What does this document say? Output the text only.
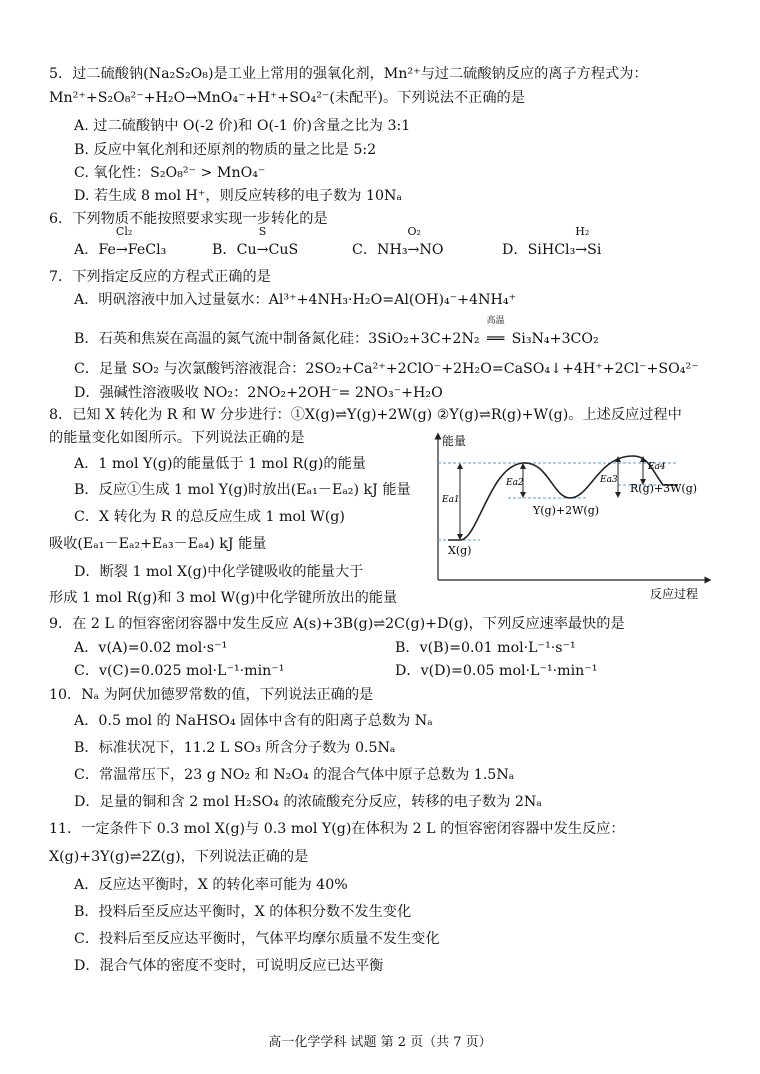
5．过二硫酸钠(Na₂S₂O₈)是工业上常用的强氧化剂，Mn²⁺与过二硫酸钠反应的离子方程式为：
Mn²⁺+S₂O₈²⁻+H₂O→MnO₄⁻+H⁺+SO₄²⁻(未配平)。下列说法不正确的是
A. 过二硫酸钠中 O(-2 价)和 O(-1 价)含量之比为 3:1
B. 反应中氧化剂和还原剂的物质的量之比是 5:2
C. 氧化性：S₂O₈²⁻ > MnO₄⁻
D. 若生成 8 mol H⁺，则反应转移的电子数为 10Nₐ
6．下列物质不能按照要求实现一步转化的是
A．Fe
Cl₂
→FeCl₃	B．Cu
S
→CuS	C．NH₃
O₂
→NO	D．SiHCl₃
H₂
→Si
7．下列指定反应的方程式正确的是
A．明矾溶液中加入过量氨水：Al³⁺+4NH₃·H₂O=Al(OH)₄⁻+4NH₄⁺
B．石英和焦炭在高温的氮气流中制备氮化硅：3SiO₂+3C+2N₂
高温
══ Si₃N₄+3CO₂
C．足量 SO₂ 与次氯酸钙溶液混合：2SO₂+Ca²⁺+2ClO⁻+2H₂O=CaSO₄↓+4H⁺+2Cl⁻+SO₄²⁻
D．强碱性溶液吸收 NO₂：2NO₂+2OH⁻= 2NO₃⁻+H₂O
8．已知 X 转化为 R 和 W 分步进行：①X(g)⇌Y(g)+2W(g) ②Y(g)⇌R(g)+W(g)。上述反应过程中
的能量变化如图所示。下列说法正确的是
A．1 mol Y(g)的能量低于 1 mol R(g)的能量
B．反应①生成 1 mol Y(g)时放出(Eₐ₁－Eₐ₂) kJ 能量
C．X 转化为 R 的总反应生成 1 mol W(g)
吸收(Eₐ₁－Eₐ₂+Eₐ₃－Eₐ₄) kJ 能量
D．断裂 1 mol X(g)中化学键吸收的能量大于
形成 1 mol R(g)和 3 mol W(g)中化学键所放出的能量
能量
反应过程
Ea1
Ea2	Ea3
Ea4
X(g)
Y(g)+2W(g)
R(g)+3W(g)
9．在 2 L 的恒容密闭容器中发生反应 A(s)+3B(g)⇌2C(g)+D(g)，下列反应速率最快的是
A．v(A)=0.02 mol·s⁻¹	B．v(B)=0.01 mol·L⁻¹·s⁻¹
C．v(C)=0.025 mol·L⁻¹·min⁻¹	D．v(D)=0.05 mol·L⁻¹·min⁻¹
10．Nₐ 为阿伏加德罗常数的值，下列说法正确的是
A．0.5 mol 的 NaHSO₄ 固体中含有的阳离子总数为 Nₐ
B．标准状况下，11.2 L SO₃ 所含分子数为 0.5Nₐ
C．常温常压下，23 g NO₂ 和 N₂O₄ 的混合气体中原子总数为 1.5Nₐ
D．足量的铜和含 2 mol H₂SO₄ 的浓硫酸充分反应，转移的电子数为 2Nₐ
11．一定条件下 0.3 mol X(g)与 0.3 mol Y(g)在体积为 2 L 的恒容密闭容器中发生反应：
X(g)+3Y(g)⇌2Z(g)，下列说法正确的是
A．反应达平衡时，X 的转化率可能为 40%
B．投料后至反应达平衡时，X 的体积分数不发生变化
C．投料后至反应达平衡时，气体平均摩尔质量不发生变化
D．混合气体的密度不变时，可说明反应已达平衡
高一化学学科 试题 第 2 页（共 7 页）
